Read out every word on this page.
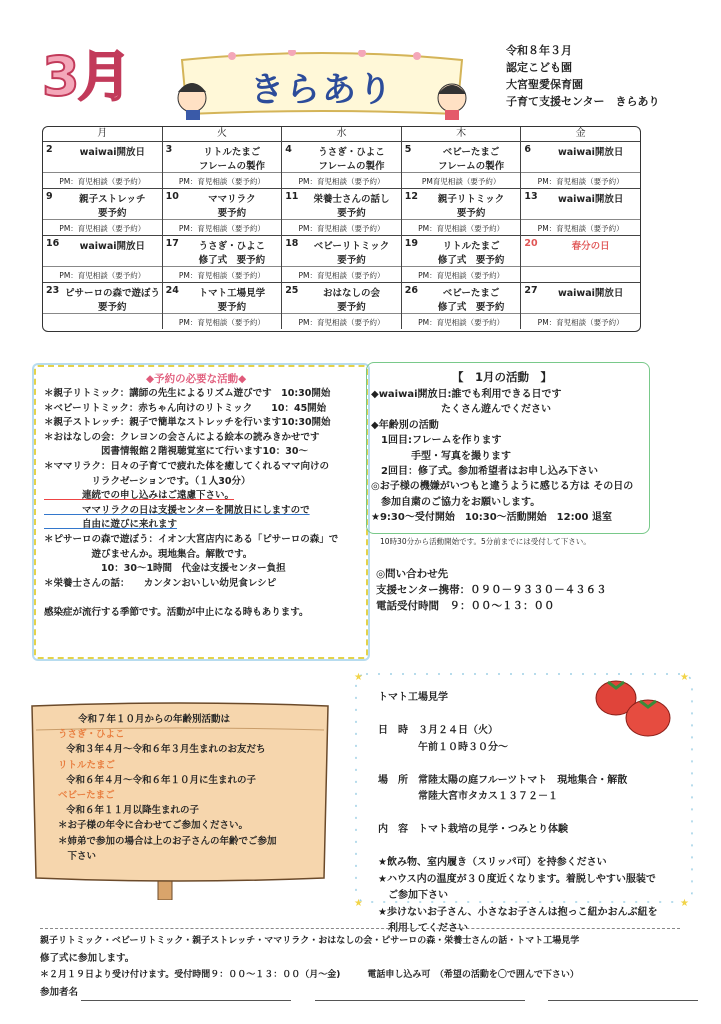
3月	きらあり
令和８年３月
認定こども園
大宮聖愛保育園
子育て支援センター　きらあり
月	火	水	木	金
2	waiwai開放日
PM：育児相談（要予約）
3	リトルたまご
フレームの製作
PM：育児相談（要予約）
4	うさぎ・ひよこ
フレームの製作
PM：育児相談（要予約）
5	ベビーたまご
フレームの製作
PM育児相談（要予約）
6	waiwai開放日
PM：育児相談（要予約）
9	親子ストレッチ
要予約
PM：育児相談（要予約）
10	ママリラク
要予約
PM：育児相談（要予約）
11	栄養士さんの話し
要予約
PM：育児相談（要予約）
12	親子リトミック
要予約
PM：育児相談（要予約）
13	waiwai開放日
PM：育児相談（要予約）
16	waiwai開放日
PM：育児相談（要予約）
17	うさぎ・ひよこ
修了式　要予約
PM：育児相談（要予約）
18	ベビーリトミック
要予約
PM：育児相談（要予約）
19	リトルたまご
修了式　要予約
PM：育児相談（要予約）
20	春分の日
23 ピサーロの森で遊ぼう
要予約
24	トマト工場見学
要予約
PM：育児相談（要予約）
25	おはなしの会
要予約
PM：育児相談（要予約）
26	ベビーたまご
修了式　要予約
PM：育児相談（要予約）
27	waiwai開放日
PM：育児相談（要予約）
◆予約の必要な活動◆
＊親子リトミック：講師の先生によるリズム遊びです　10:30開始
＊ベビーリトミック：赤ちゃん向けのリトミック　　10：45開始
＊親子ストレッチ：親子で簡単なストレッチを行います10:30開始
＊おはなしの会：クレヨンの会さんによる絵本の読みきかせです
　　　　　　図書情報館２階視聴覚室にて行います10：30～
＊ママリラク：日々の子育てで疲れた体を癒してくれるママ向けの
　　　　　リラクゼーションです。（１人30分）
　　　　連続での申し込みはご遠慮下さい。
　　　　ママリラクの日は支援センターを開放日にしますので
　　　　自由に遊びに来れます
＊ピサーロの森で遊ぼう：イオン大宮店内にある「ピサーロの森」で
　　　　　遊びませんか。現地集合。解散です。
　　　　　　10：30～1時間　代金は支援センター負担
＊栄養士さんの話：　　カンタンおいしい幼児食レシピ

感染症が流行する季節です。活動が中止になる時もあります。
【　1月の活動　】
◆waiwai開放日:誰でも利用できる日です
　　　　　　　たくさん遊んでください
◆年齢別の活動
　1回目:フレームを作ります
　　　　手型・写真を撮ります
　2回目：修了式。参加希望者はお申し込み下さい
◎お子様の機嫌がいつもと違うように感じる方は その日の
　参加自粛のご協力をお願いします。
★9:30～受付開始　10:30～活動開始　12:00 退室
10時30分から活動開始です。5分前までには受付して下さい。
◎問い合わせ先
支援センター携帯：０９０－９３３０－４３６３
電話受付時間　９：００～１３：００
令和７年１０月からの年齢別活動は
うさぎ・ひよこ
令和３年４月～令和６年３月生まれのお友だち
リトルたまご
令和６年４月～令和６年１０月に生まれの子
ベビーたまご
令和６年１１月以降生まれの子
＊お子様の年令に合わせてご参加ください。
＊姉弟で参加の場合は上のお子さんの年齢でご参加
　下さい
★	★
★	★
トマト工場見学

日　時　３月２４日（火）
　　　　午前１０時３０分～

場　所　常陸太陽の庭フルーツトマト　現地集合・解散
　　　　常陸大宮市タカス１３７２－１

内　容　トマト栽培の見学・つみとり体験

★飲み物、室内履き（スリッパ可）を持参ください
★ハウス内の温度が３０度近くなります。着脱しやすい服装で
　ご参加下さい
★歩けないお子さん、小さなお子さんは抱っこ紐かおんぶ紐を
　利用してください
親子リトミック・ベビーリトミック・親子ストレッチ・ママリラク・おはなしの会・ピサーロの森・栄養士さんの話・トマト工場見学
修了式に参加します。
＊２月１９日より受け付けます。受付時間９：００～１３：００（月～金)　　　電話申し込み可　（希望の活動を〇で囲んで下さい）
参加者名
